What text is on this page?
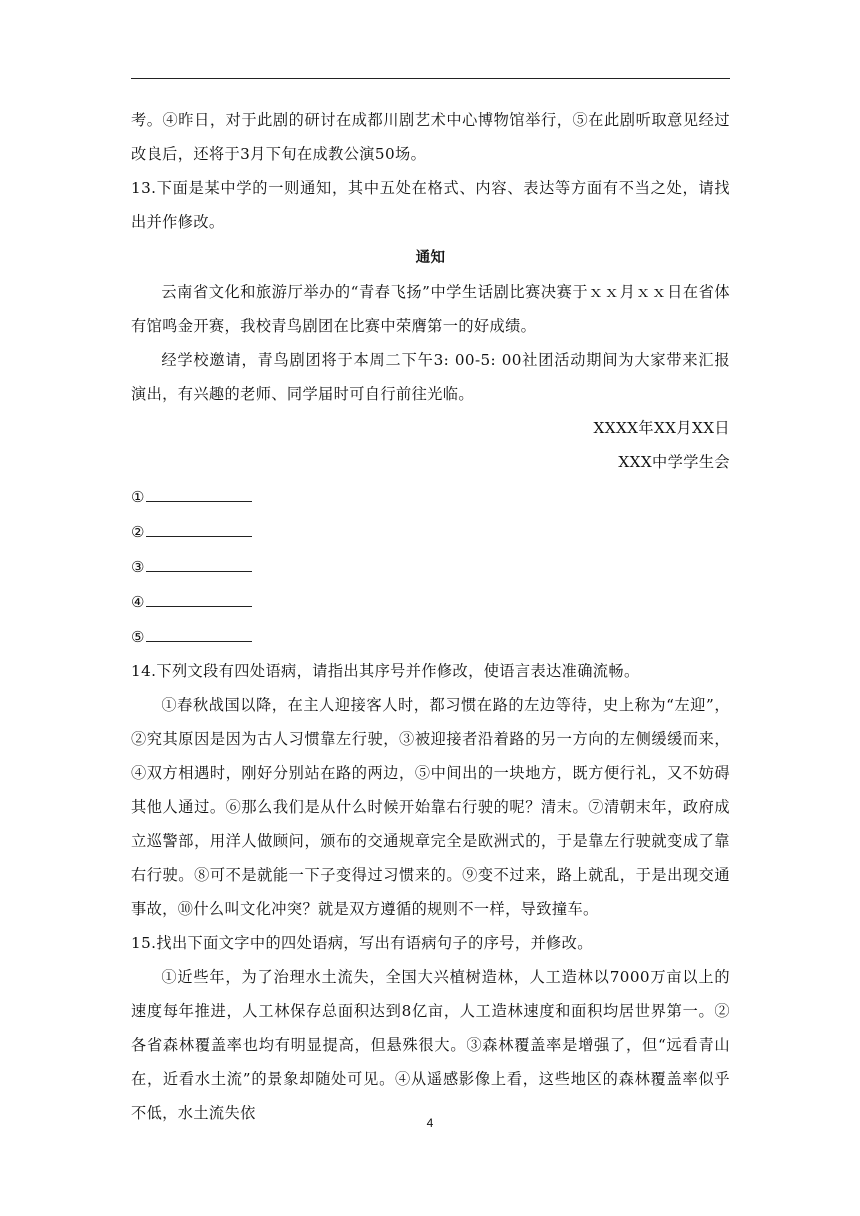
考。④昨日，对于此剧的研讨在成都川剧艺术中心博物馆举行，⑤在此剧听取意见经过改良后，还将于3月下旬在成教公演50场。

13.下面是某中学的一则通知，其中五处在格式、内容、表达等方面有不当之处，请找出并作修改。

通知

云南省文化和旅游厅举办的“青春飞扬”中学生话剧比赛决赛于ｘｘ月ｘｘ日在省体有馆鸣金开赛，我校青鸟剧团在比赛中荣膺第一的好成绩。

经学校邀请，青鸟剧团将于本周二下午3: 00-5: 00社团活动期间为大家带来汇报演出，有兴趣的老师、同学届时可自行前往光临。

XXXX年XX月XX日

XXX中学学生会

①
②
③
④
⑤

14.下列文段有四处语病，请指出其序号并作修改，使语言表达准确流畅。

①春秋战国以降，在主人迎接客人时，都习惯在路的左边等待，史上称为“左迎”，②究其原因是因为古人习惯靠左行驶，③被迎接者沿着路的另一方向的左侧缓缓而来，④双方相遇时，刚好分别站在路的两边，⑤中间出的一块地方，既方便行礼，又不妨碍其他人通过。⑥那么我们是从什么时候开始靠右行驶的呢？清末。⑦清朝末年，政府成立巡警部，用洋人做顾问，颁布的交通规章完全是欧洲式的，于是靠左行驶就变成了靠右行驶。⑧可不是就能一下子变得过习惯来的。⑨变不过来，路上就乱，于是出现交通事故，⑩什么叫文化冲突？就是双方遵循的规则不一样，导致撞车。

15.找出下面文字中的四处语病，写出有语病句子的序号，并修改。

①近些年，为了治理水土流失，全国大兴植树造林，人工造林以7000万亩以上的速度每年推进，人工林保存总面积达到8亿亩，人工造林速度和面积均居世界第一。②各省森林覆盖率也均有明显提高，但悬殊很大。③森林覆盖率是增强了，但“远看青山在，近看水土流”的景象却随处可见。④从遥感影像上看，这些地区的森林覆盖率似乎不低，水土流失依

4
